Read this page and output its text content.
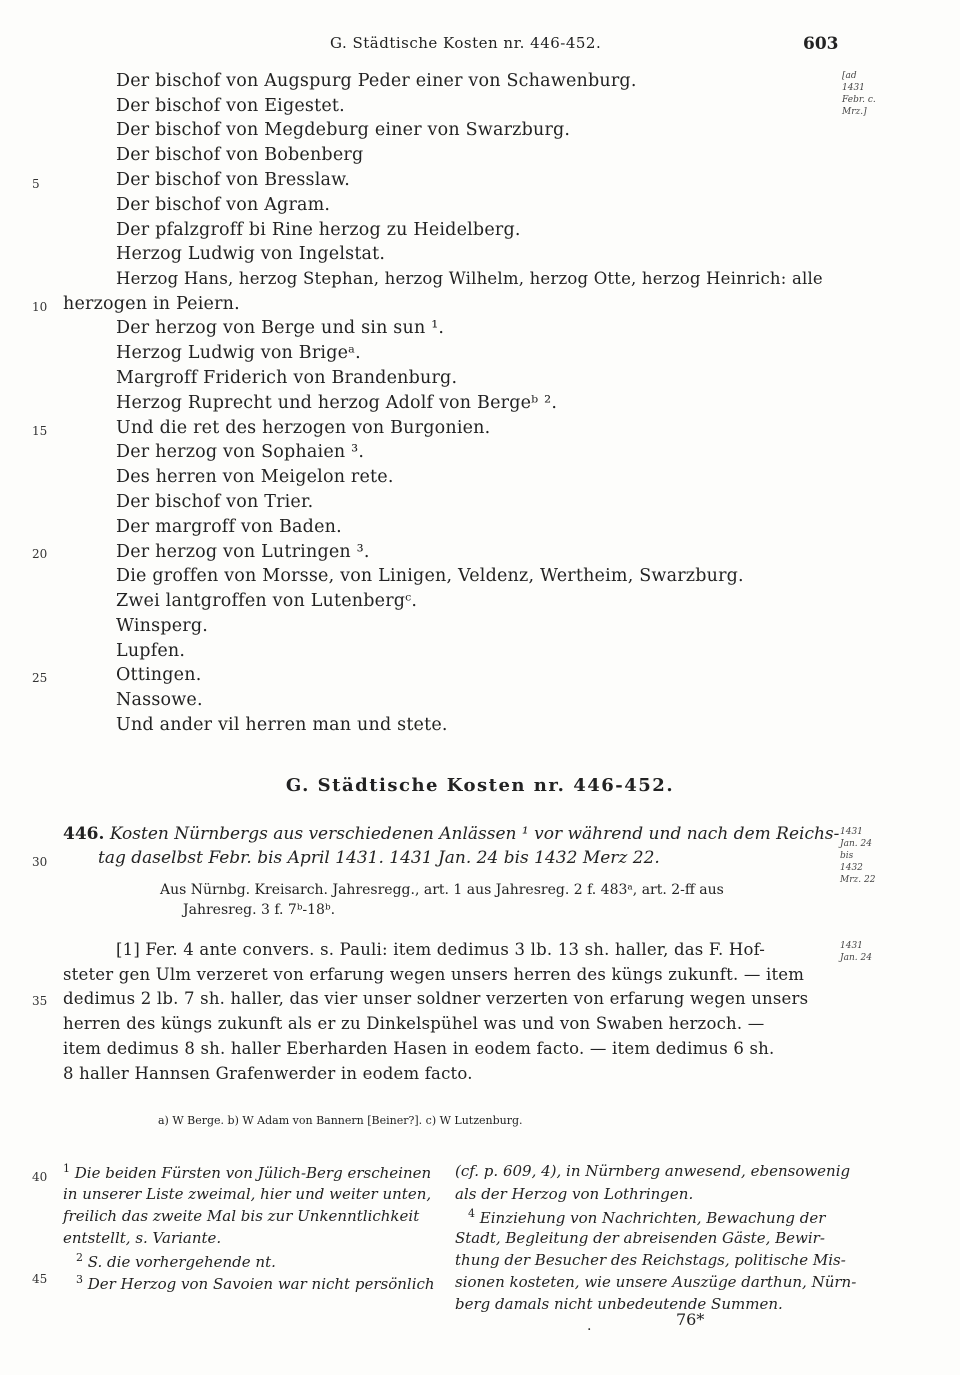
G. Städtische Kosten nr. 446-452.	603
[ad
1431
Febr. c.
Mrz.]
Der bischof von Augspurg Peder einer von Schawenburg.
Der bischof von Eigestet.
Der bischof von Megdeburg einer von Swarzburg.
Der bischof von Bobenberg
Der bischof von Bresslaw.
Der bischof von Agram.
Der pfalzgroff bi Rine herzog zu Heidelberg.
Herzog Ludwig von Ingelstat.
Herzog Hans, herzog Stephan, herzog Wilhelm, herzog Otte, herzog Heinrich: alle
herzogen in Peiern.
Der herzog von Berge und sin sun ¹.
Herzog Ludwig von Brigeᵃ.
Margroff Friderich von Brandenburg.
Herzog Ruprecht und herzog Adolf von Bergeᵇ ².
Und die ret des herzogen von Burgonien.
Der herzog von Sophaien ³.
Des herren von Meigelon rete.
Der bischof von Trier.
Der margroff von Baden.
Der herzog von Lutringen ³.
Die groffen von Morsse, von Linigen, Veldenz, Wertheim, Swarzburg.
Zwei lantgroffen von Lutenbergᶜ.
Winsperg.
Lupfen.
Ottingen.
Nassowe.
Und ander vil herren man und stete.
5
10
15
20
25
30
35
40
45
G. Städtische Kosten nr. 446-452.
446. Kosten Nürnbergs aus verschiedenen Anlässen ¹ vor während und nach dem Reichs-
tag daselbst Febr. bis April 1431. 1431 Jan. 24 bis 1432 Merz 22.
1431
Jan. 24
bis
1432
Mrz. 22
Aus Nürnbg. Kreisarch. Jahresregg., art. 1 aus Jahresreg. 2 f. 483ᵃ, art. 2-ff aus
Jahresreg. 3 f. 7ᵇ-18ᵇ.
1431
Jan. 24
[1] Fer. 4 ante convers. s. Pauli: item dedimus 3 lb. 13 sh. haller, das F. Hof-
steter gen Ulm verzeret von erfarung wegen unsers herren des küngs zukunft. — item
dedimus 2 lb. 7 sh. haller, das vier unser soldner verzerten von erfarung wegen unsers
herren des küngs zukunft als er zu Dinkelspühel was und von Swaben herzoch. —
item dedimus 8 sh. haller Eberharden Hasen in eodem facto. — item dedimus 6 sh.
8 haller Hannsen Grafenwerder in eodem facto.
a) W Berge. b) W Adam von Bannern [Beiner?]. c) W Lutzenburg.
$^1$ Die beiden Fürsten von Jülich-Berg erscheinen
in unserer Liste zweimal, hier und weiter unten,
freilich das zweite Mal bis zur Unkenntlichkeit
entstellt, s. Variante.
$^2$ S. die vorhergehende nt.
$^3$ Der Herzog von Savoien war nicht persönlich
(cf. p. 609, 4), in Nürnberg anwesend, ebensowenig
als der Herzog von Lothringen.
$^4$ Einziehung von Nachrichten, Bewachung der
Stadt, Begleitung der abreisenden Gäste, Bewir-
thung der Besucher des Reichstags, politische Mis-
sionen kosteten, wie unsere Auszüge darthun, Nürn-
berg damals nicht unbedeutende Summen.
.	76*
